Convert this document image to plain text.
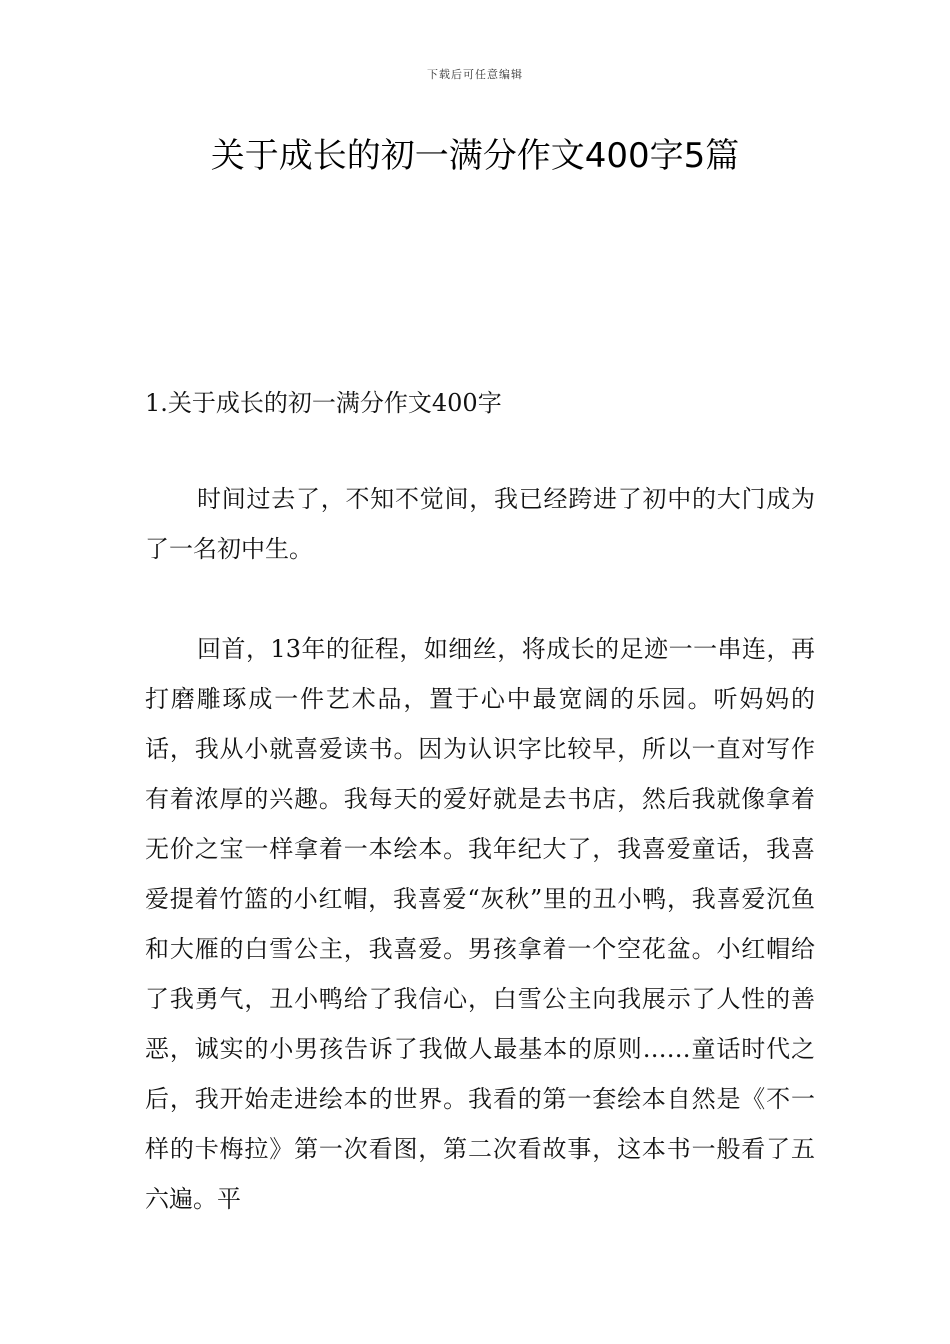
下载后可任意编辑
关于成长的初一满分作文400字5篇
1.关于成长的初一满分作文400字

时间过去了，不知不觉间，我已经跨进了初中的大门成为了一名初中生。

回首，13年的征程，如细丝，将成长的足迹一一串连，再打磨雕琢成一件艺术品，置于心中最宽阔的乐园。听妈妈的话，我从小就喜爱读书。因为认识字比较早，所以一直对写作有着浓厚的兴趣。我每天的爱好就是去书店，然后我就像拿着无价之宝一样拿着一本绘本。我年纪大了，我喜爱童话，我喜爱提着竹篮的小红帽，我喜爱“灰秋”里的丑小鸭，我喜爱沉鱼和大雁的白雪公主，我喜爱。男孩拿着一个空花盆。小红帽给了我勇气，丑小鸭给了我信心，白雪公主向我展示了人性的善恶，诚实的小男孩告诉了我做人最基本的原则……童话时代之后，我开始走进绘本的世界。我看的第一套绘本自然是《不一样的卡梅拉》第一次看图，第二次看故事，这本书一般看了五六遍。平
